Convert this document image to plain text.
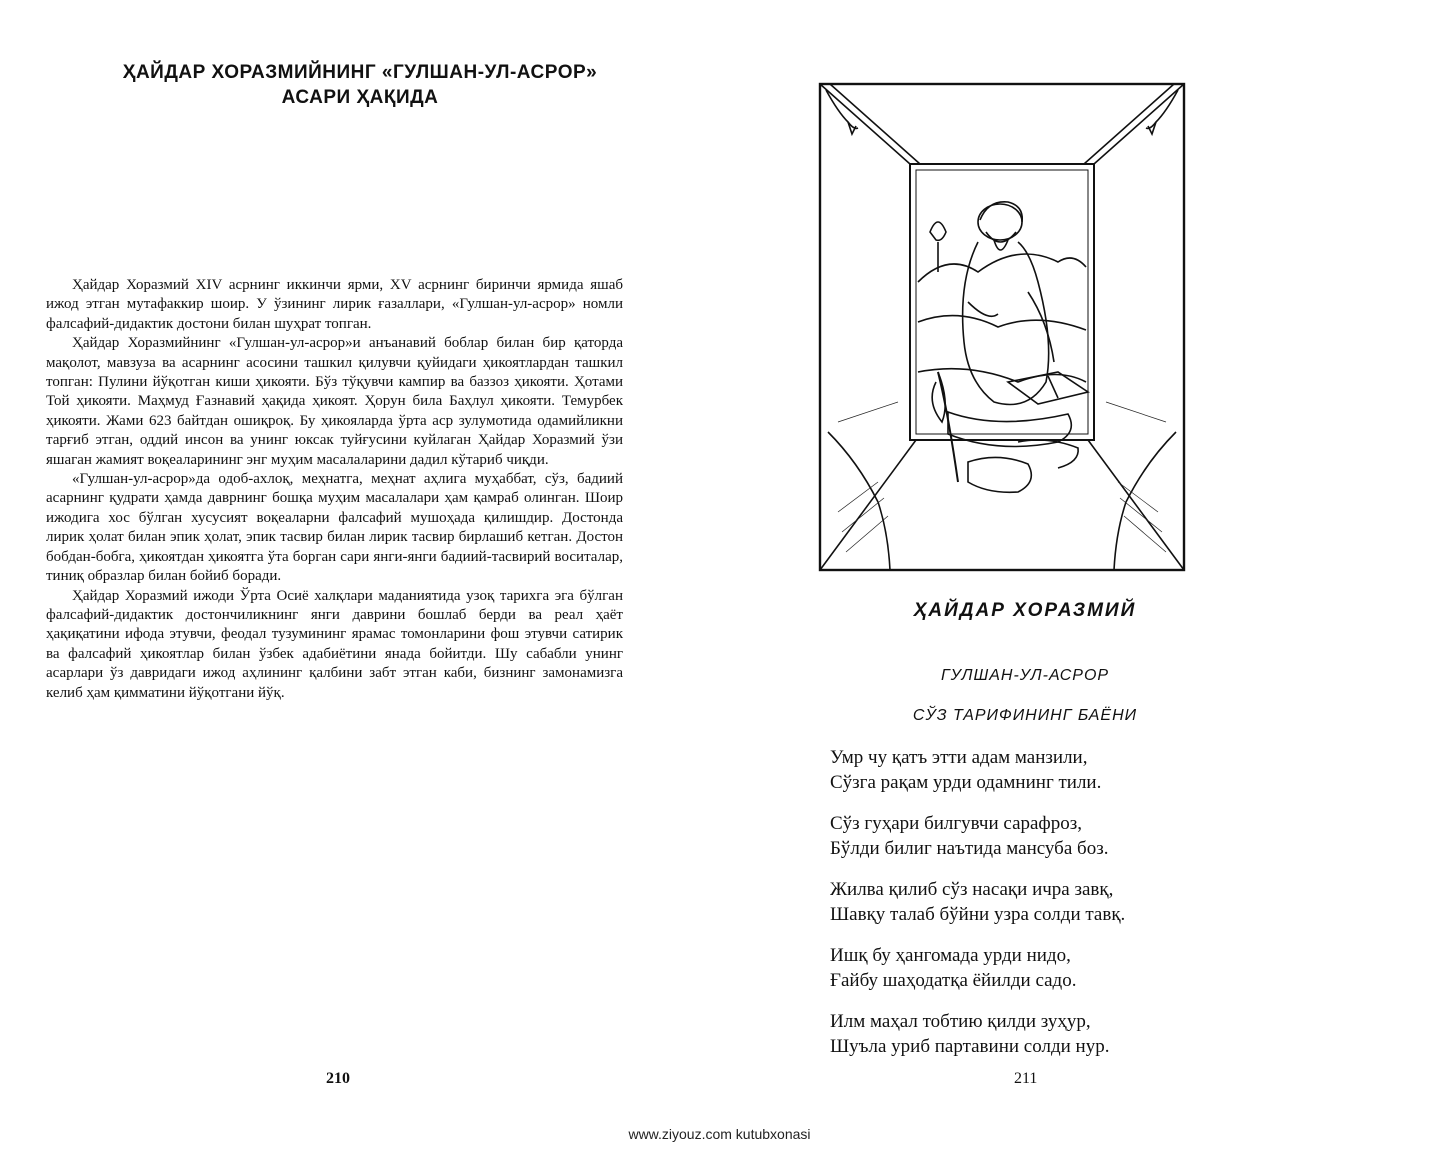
ҲАЙДАР ХОРАЗМИЙНИНГ «ГУЛШАН-УЛ-АСРОР»
АСАРИ ҲАҚИДА

Ҳайдар Хоразмий XIV асрнинг иккинчи ярми, XV асрнинг биринчи ярмида яшаб ижод этган мутафаккир шоир. У ўзининг лирик ғазаллари, «Гулшан-ул-асрор» номли фалсафий-дидактик достони билан шуҳрат топган.

Ҳайдар Хоразмийнинг «Гулшан-ул-асрор»и анъанавий боблар билан бир қаторда мақолот, мавзуза ва асарнинг асосини ташкил қилувчи қуйидаги ҳикоятлардан ташкил топган: Пулини йўқотган киши ҳикояти. Бўз тўқувчи кампир ва баззоз ҳикояти. Ҳотами Той ҳикояти. Маҳмуд Ғазнавий ҳақида ҳикоят. Ҳорун била Баҳлул ҳикояти. Темурбек ҳикояти. Жами 623 байтдан ошиқроқ. Бу ҳикояларда ўрта аср зулумотида одамийликни тарғиб этган, оддий инсон ва унинг юксак туйғусини куйлаган Ҳайдар Хоразмий ўзи яшаган жамият воқеаларининг энг муҳим масалаларини дадил кўтариб чиқди.

«Гулшан-ул-асрор»да одоб-ахлоқ, меҳнатга, меҳнат аҳлига муҳаббат, сўз, бадиий асарнинг қудрати ҳамда даврнинг бошқа муҳим масалалари ҳам қамраб олинган. Шоир ижодига хос бўлган хусусият воқеаларни фалсафий мушоҳада қилишдир. Достонда лирик ҳолат билан эпик ҳолат, эпик тасвир билан лирик тасвир бирлашиб кетган. Достон бобдан-бобга, ҳикоятдан ҳикоятга ўта борган сари янги-янги бадиий-тасвирий воситалар, тиниқ образлар билан бойиб боради.

Ҳайдар Хоразмий ижоди Ўрта Осиё халқлари маданиятида узоқ тарихга эга бўлган фалсафий-дидактик достончиликнинг янги даврини бошлаб берди ва реал ҳаёт ҳақиқатини ифода этувчи, феодал тузумининг ярамас томонларини фош этувчи сатирик ва фалсафий ҳикоятлар билан ўзбек адабиётини янада бойитди. Шу сабабли унинг асарлари ўз давридаги ижод аҳлининг қалбини забт этган каби, бизнинг замонамизга келиб ҳам қимматини йўқотгани йўқ.

210
ҲАЙДАР ХОРАЗМИЙ
ГУЛШАН-УЛ-АСРОР
СЎЗ ТАРИФИНИНГ БАЁНИ
Умр чу қатъ этти адам манзили,
Сўзга рақам урди одамнинг тили.
Сўз гуҳари билгувчи сарафроз,
Бўлди билиг наътида мансуба боз.
Жилва қилиб сўз насақи ичра завқ,
Шавқу талаб бўйни узра солди тавқ.
Ишқ бу ҳангомада урди нидо,
Ғайбу шаҳодатқа ёйилди садо.
Илм маҳал тобтию қилди зуҳур,
Шуъла уриб партавини солди нур.
211
www.ziyouz.com kutubxonasi
